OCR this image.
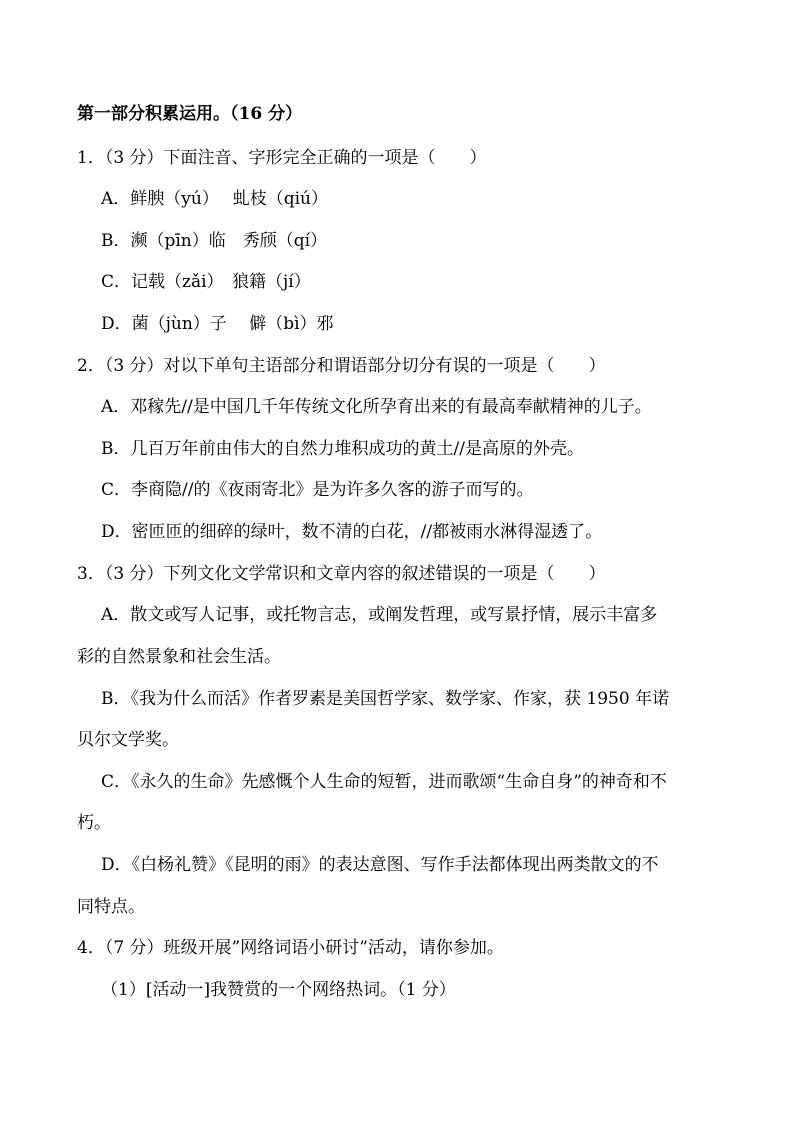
第一部分积累运用。（16 分）
1．（3 分）下面注音、字形完全正确的一项是（　　）
A．鲜腴（yú）　 虬枝（qiú）
B．濒（pīn）临　秀颀（qí）
C．记载（zǎi）　狼籍（jí）
D．菌（jùn）子　 僻（bì）邪
2．（3 分）对以下单句主语部分和谓语部分切分有误的一项是（　　）
A．邓稼先//是中国几千年传统文化所孕育出来的有最高奉献精神的儿子。
B．几百万年前由伟大的自然力堆积成功的黄土//是高原的外壳。
C．李商隐//的《夜雨寄北》是为许多久客的游子而写的。
D．密匝匝的细碎的绿叶，数不清的白花，//都被雨水淋得湿透了。
3．（3 分）下列文化文学常识和文章内容的叙述错误的一项是（　　）
A．散文或写人记事，或托物言志，或阐发哲理，或写景抒情，展示丰富多
彩的自然景象和社会生活。
B．《我为什么而活》作者罗素是美国哲学家、数学家、作家，获 1950 年诺
贝尔文学奖。
C．《永久的生命》先感慨个人生命的短暂，进而歌颂“生命自身”的神奇和不
朽。
D．《白杨礼赞》《昆明的雨》的表达意图、写作手法都体现出两类散文的不
同特点。
4．（7 分）班级开展”网络词语小研讨”活动，请你参加。
（1）[活动一]我赞赏的一个网络热词。（1 分）
